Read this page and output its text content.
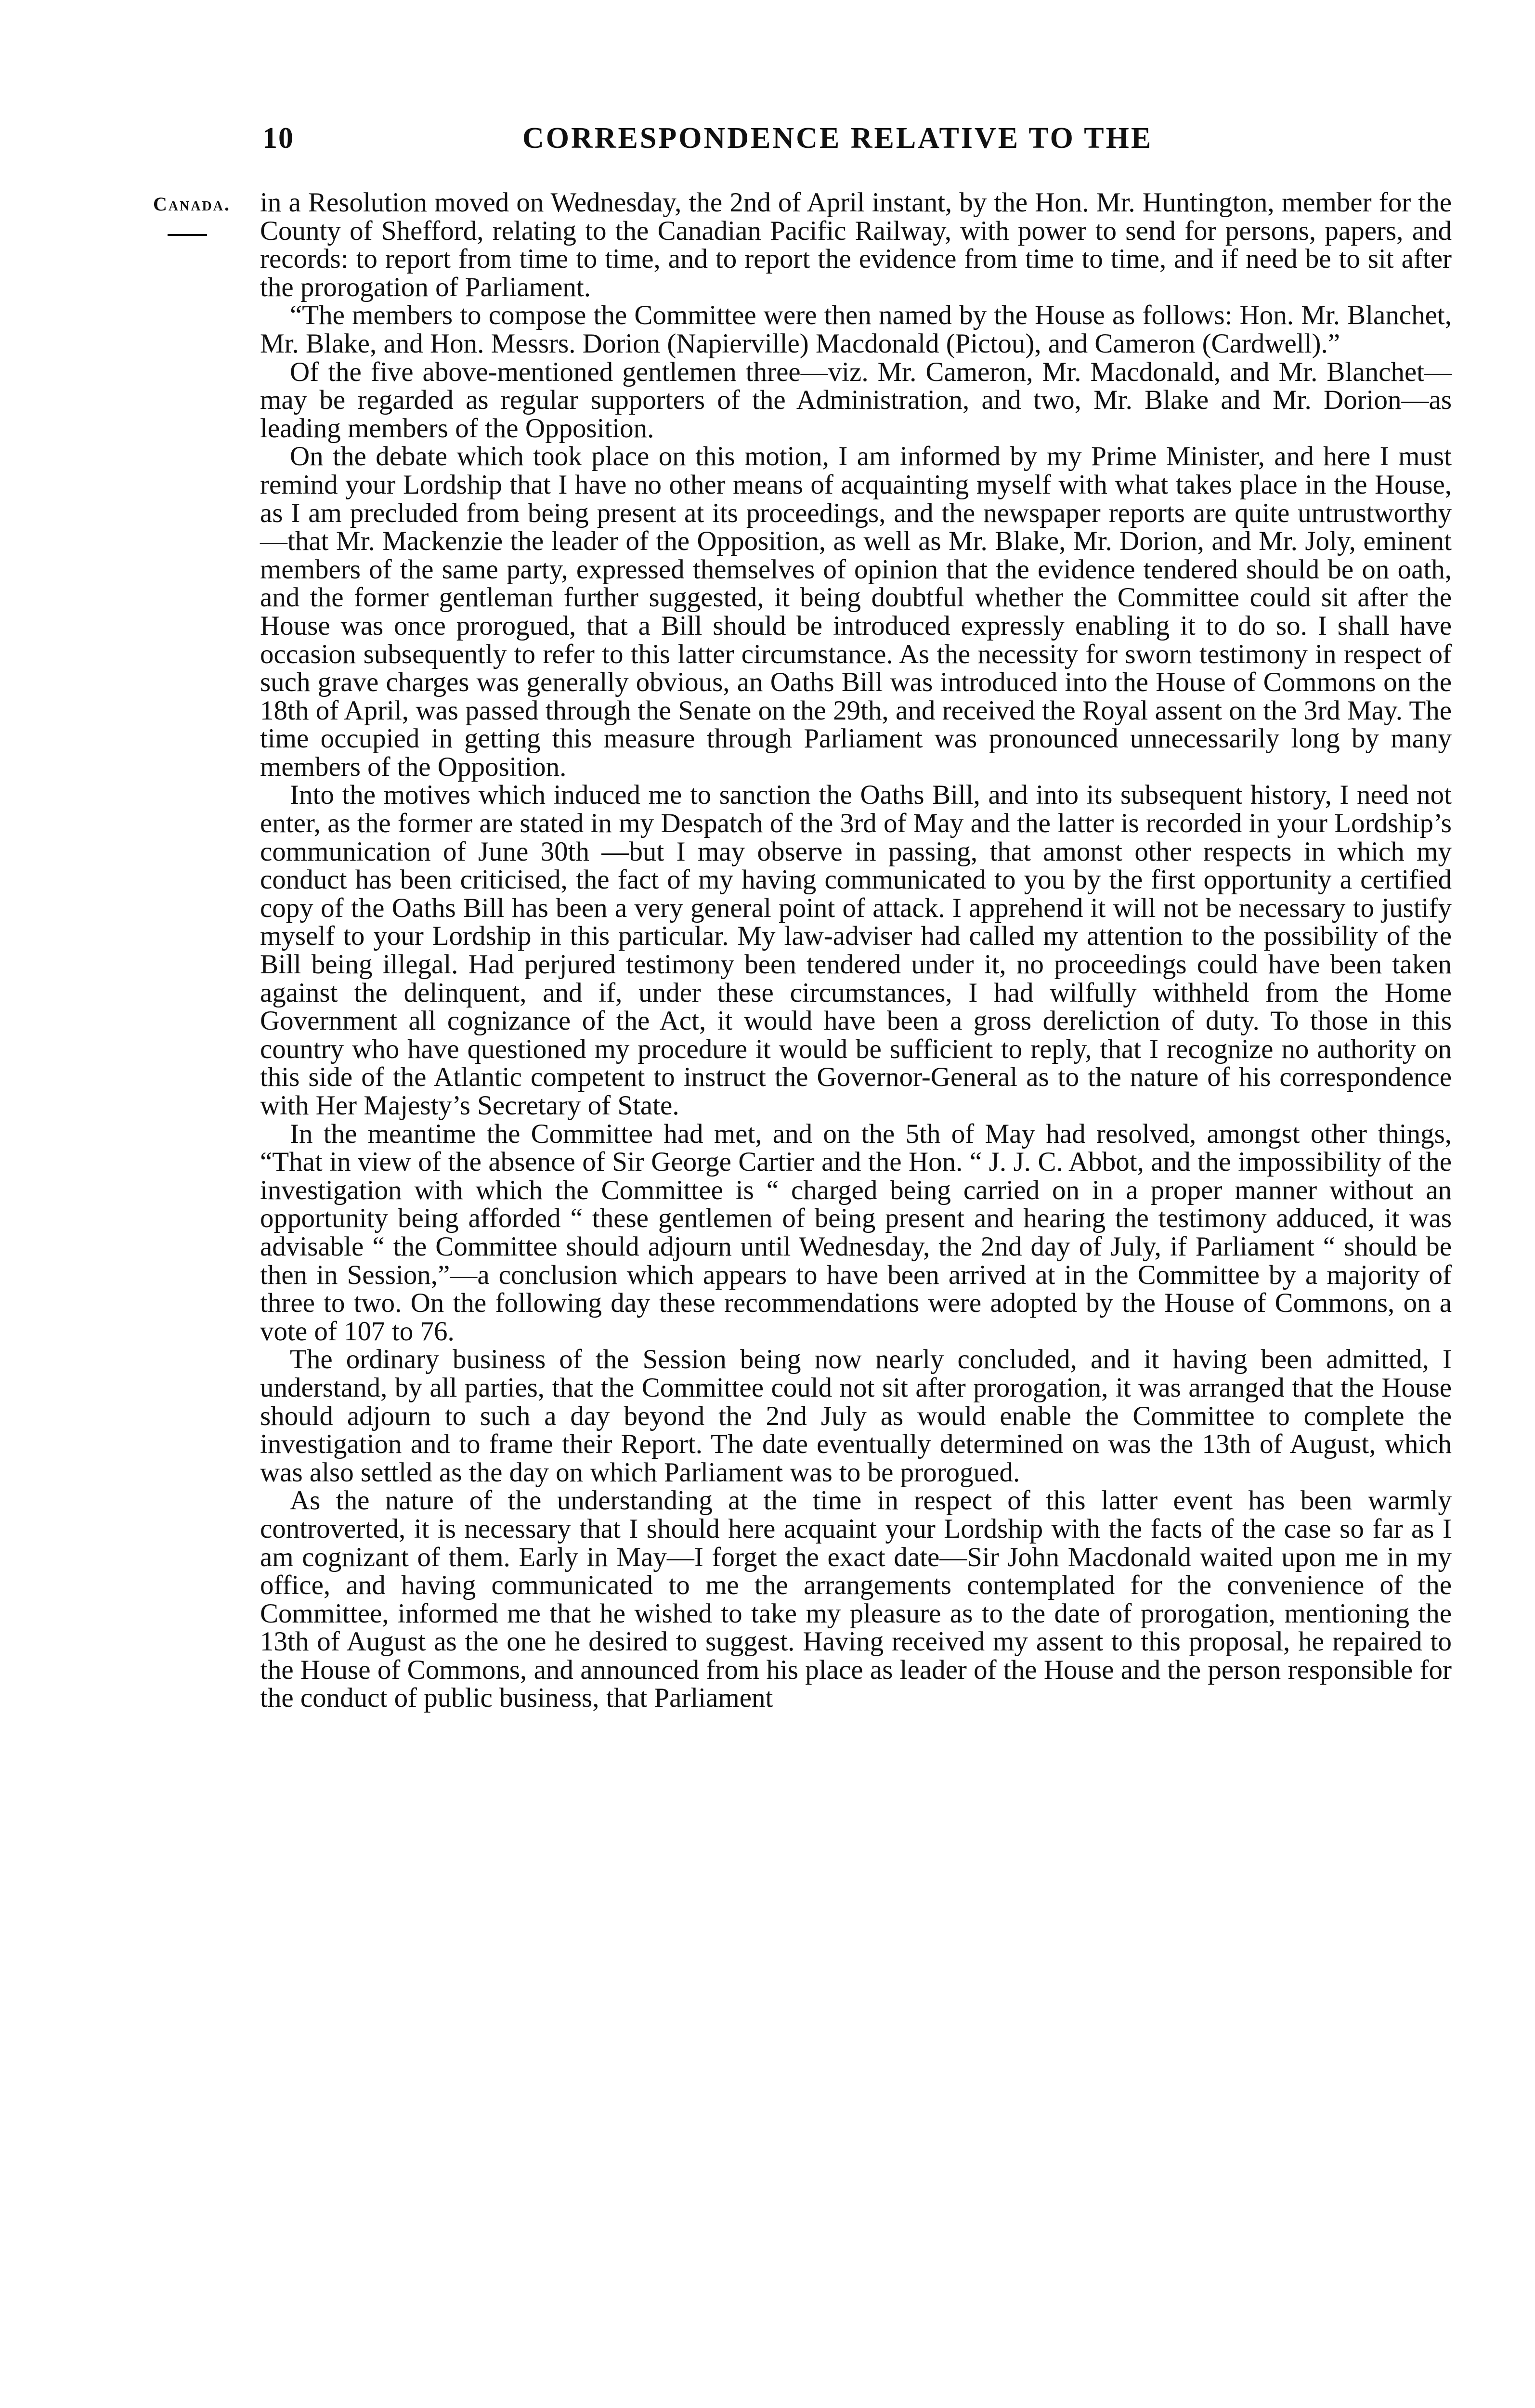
10	CORRESPONDENCE RELATIVE TO THE
Canada. in a Resolution moved on Wednesday, the 2nd of April instant, by the Hon. Mr. Huntington, member for the County of Shefford, relating to the Canadian Pacific Railway, with power to send for persons, papers, and records: to report from time to time, and to report the evidence from time to time, and if need be to sit after the prorogation of Parliament.

“The members to compose the Committee were then named by the House as follows: Hon. Mr. Blanchet, Mr. Blake, and Hon. Messrs. Dorion (Napierville) Macdonald (Pictou), and Cameron (Cardwell).”

Of the five above-mentioned gentlemen three—viz. Mr. Cameron, Mr. Macdonald, and Mr. Blanchet—may be regarded as regular supporters of the Administration, and two, Mr. Blake and Mr. Dorion—as leading members of the Opposition.

On the debate which took place on this motion, I am informed by my Prime Minister, and here I must remind your Lordship that I have no other means of acquainting myself with what takes place in the House, as I am precluded from being present at its proceedings, and the newspaper reports are quite untrustworthy—that Mr. Mackenzie the leader of the Opposition, as well as Mr. Blake, Mr. Dorion, and Mr. Joly, eminent members of the same party, expressed themselves of opinion that the evidence tendered should be on oath, and the former gentleman further suggested, it being doubtful whether the Committee could sit after the House was once prorogued, that a Bill should be introduced expressly enabling it to do so. I shall have occasion subsequently to refer to this latter circumstance. As the necessity for sworn testimony in respect of such grave charges was generally obvious, an Oaths Bill was introduced into the House of Commons on the 18th of April, was passed through the Senate on the 29th, and received the Royal assent on the 3rd May. The time occupied in getting this measure through Parliament was pronounced unnecessarily long by many members of the Opposition.

Into the motives which induced me to sanction the Oaths Bill, and into its subsequent history, I need not enter, as the former are stated in my Despatch of the 3rd of May and the latter is recorded in your Lordship’s communication of June 30th —but I may observe in passing, that amonst other respects in which my conduct has been criticised, the fact of my having communicated to you by the first opportunity a certified copy of the Oaths Bill has been a very general point of attack. I apprehend it will not be necessary to justify myself to your Lordship in this particular. My law-adviser had called my attention to the possibility of the Bill being illegal. Had perjured testimony been tendered under it, no proceedings could have been taken against the delinquent, and if, under these circumstances, I had wilfully withheld from the Home Government all cognizance of the Act, it would have been a gross dereliction of duty. To those in this country who have questioned my procedure it would be sufficient to reply, that I recognize no authority on this side of the Atlantic competent to instruct the Governor-General as to the nature of his correspondence with Her Majesty’s Secretary of State.

In the meantime the Committee had met, and on the 5th of May had resolved, amongst other things, “That in view of the absence of Sir George Cartier and the Hon. “ J. J. C. Abbot, and the impossibility of the investigation with which the Committee is “ charged being carried on in a proper manner without an opportunity being afforded “ these gentlemen of being present and hearing the testimony adduced, it was advisable “ the Committee should adjourn until Wednesday, the 2nd day of July, if Parliament “ should be then in Session,”—a conclusion which appears to have been arrived at in the Committee by a majority of three to two. On the following day these recommendations were adopted by the House of Commons, on a vote of 107 to 76.

The ordinary business of the Session being now nearly concluded, and it having been admitted, I understand, by all parties, that the Committee could not sit after prorogation, it was arranged that the House should adjourn to such a day beyond the 2nd July as would enable the Committee to complete the investigation and to frame their Report. The date eventually determined on was the 13th of August, which was also settled as the day on which Parliament was to be prorogued.

As the nature of the understanding at the time in respect of this latter event has been warmly controverted, it is necessary that I should here acquaint your Lordship with the facts of the case so far as I am cognizant of them. Early in May—I forget the exact date—Sir John Macdonald waited upon me in my office, and having communicated to me the arrangements contemplated for the convenience of the Committee, informed me that he wished to take my pleasure as to the date of prorogation, mentioning the 13th of August as the one he desired to suggest. Having received my assent to this proposal, he repaired to the House of Commons, and announced from his place as leader of the House and the person responsible for the conduct of public business, that Parliament
